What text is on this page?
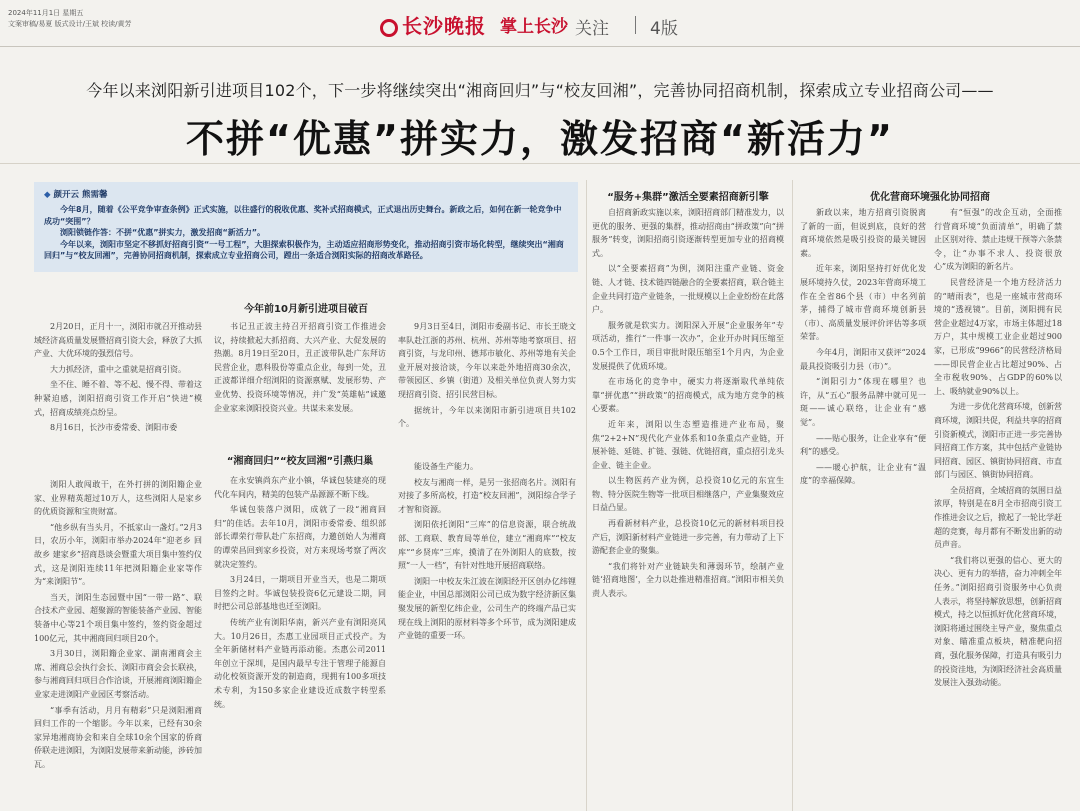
2024年11月1日 星期五
文案审稿/易夏 版式设计/王斌 校读/黄芳	长沙晚报 掌上长沙 关注 4版
今年以来浏阳新引进项目102个，下一步将继续突出“湘商回归”与“校友回湘”，完善协同招商机制，探索成立专业招商公司——
不拼“优惠”拼实力，激发招商“新活力”
◆ 颜开云 熊需馨

今年8月，随着《公平竞争审查条例》正式实施，以往盛行的税收优惠、奖补式招商模式，正式退出历史舞台。新政之后，如何在新一轮竞争中成功“突围”？

浏阳锁链作答：不拼“优惠”拼实力，激发招商“新活力”。

今年以来，浏阳市坚定不移抓好招商引资“一号工程”，大胆探索积极作为，主动适应招商形势变化，推动招商引资市场化转型，继续突出“湘商回归”与“校友回湘”，完善协同招商机制，探索成立专业招商公司，蹚出一条适合浏阳实际的招商改革路径。

今年前10月新引进项目破百

2月20日，正月十一，浏阳市就召开推动县域经济高质量发展暨招商引资大会，释放了大抓产业、大优环境的强烈信号。

大力抓经济，重中之重就是招商引资。

坐不住、睡不着、等不起、慢不得、带着这种紧迫感，浏阳招商引资工作开启“快进”模式，招商成绩亮点纷呈。

8月16日，长沙市委常委、浏阳市委

书记丑正波主持召开招商引资工作推进会议，持续掀起大抓招商、大兴产业、大促发展的热潮。8月19日至20日，丑正波带队赴广东拜访民营企业，惠科股份等重点企业，每到一处，丑正波都详细介绍浏阳的资源禀赋、发展形势、产业优势、投资环境等情况，并广发“英雄帖”诚邀企业家来浏阳投资兴业。共谋未来发展。

9月3日至4日，浏阳市委副书记、市长王晓文率队赴江浙的苏州、杭州、苏州等地考察项目、招商引资，与龙印州、德邦市敏化、苏州等地有关企业开展对接洽谈，今年以来赴外地招商30余次，带领园区、乡镇（街道）及相关单位负责人努力实现招商引资、招引民营目标。

据统计，今年以来浏阳市新引进项目共102个。

“湘商回归”“校友回湘”引燕归巢

浏阳人敢闯敢干，在外打拼的浏阳籍企业家、业界精英超过10万人，这些浏阳人是家乡的优质资源和宝贵财富。

“他乡纵有当头月，不抵家山一盏灯。”2月3日，农历小年，浏阳市举办2024年“迎老乡 回故乡 建家乡”招商恳谈会暨重大项目集中签约仪式，这是浏阳连续11年把浏阳籍企业家等作为“来浏阳节”。

当天，浏阳生态园暨中国“一带一路”、联合技术产业园、超聚源的智能装备产业园、智能装备中心等21个项目集中签约，签约资金超过100亿元，其中湘商回归项目20个。

3月30日，浏阳籍企业家、湖南湘商会主席、湘商总会执行会长、浏阳市商会会长联袂，参与湘商回归项目合作洽谈，开展湘商浏阳籍企业家走进浏阳产业园区考察活动。

“事季有活动，月月有精彩”只是浏阳湘商回归工作的一个缩影。今年以来，已经有30余家异地湘商协会和来自全球10余个国家的侨商侨联走进浏阳，为浏阳发展带来新动能，涉砖加瓦。

在永安镇尚东产业小镇，华诚包装建亮的现代化车间内，精美的包装产品源源不断下线。

华诚包装落户浏阳，成就了一段“湘商回归”的佳话。去年10月，浏阳市委常委、组织部部长谭荣行带队赴广东招商，力邀创始人为湘商的谭荣昌回到家乡投资，对方来现场考察了两次就决定签约。

3月24日，一期项目开业当天，也是二期项目签约之时。华诚包装投资6亿元建设二期，同时把公司总部基地也迁至浏阳。

传统产业有浏阳华南，新兴产业有浏阳亮风大。10月26日，杰惠工业园项目正式投产。为全年新储材料产业链再添动能。杰惠公司2011年创立于深圳，是国内最早专注于管理子能源自动化校领资源开发的制造商，现拥有100多项技术专利，为150多家企业建设近成数字转型系统。

能设备生产能力。

校友与湘商一样，是另一张招商名片。浏阳有对接了多所高校，打造“校友回湘”，浏阳综合学子才智和资源。

浏阳依托浏阳“三库”的信息资源，联合统战部、工商联、教育局等单位，建立“湘商库”“校友库”“乡贤库”三库，摸清了在外浏阳人的底数，按照“一人一档”，有针对性地开展招商联络。

浏阳一中校友朱江波在浏阳经开区创办亿纬锂能企业，中国总部浏阳公司已成为数字经济新区集聚发展的新型亿纬企业，公司生产的终端产品已实现在线上浏阳的原材料等多个环节，成为浏阳建成产业链的重要一环。

“服务+集群”激活全要素招商新引擎

自招商新政实施以来，浏阳招商部门精准发力，以更优的服务、更强的集群，推动招商由“拼政策”向“拼服务”转变，浏阳招商引资逐渐转型更加专业的招商模式。

以“全要素招商”为例，浏阳注重产业链、资金链、人才链、技术链四链融合的全要素招商，联合链主企业共同打造产业链条，一批规模以上企业纷纷在此落户。

服务就是软实力。浏阳深入开展“企业服务年”专项活动，推行“一件事一次办”，企业开办时间压缩至0.5个工作日，项目审批时限压缩至1个月内，为企业发展提供了优质环境。

在市场化的竞争中，硬实力将逐渐取代单纯依靠“拼优惠”“拼政策”的招商模式，成为地方竞争的核心要素。

近年来，浏阳以生态塑造推进产业布局，聚焦“2+2+N”现代化产业体系和10条重点产业链，开展补链、延链、扩链、强链、优链招商，重点招引龙头企业、链主企业。

以生物医药产业为例，总投资10亿元的东宜生物、特分医院生物等一批项目相继落户，产业集聚效应日益凸显。

再看新材料产业，总投资10亿元的新材料项目投产后，浏阳新材料产业链进一步完善，有力带动了上下游配套企业的聚集。

“我们将针对产业链缺失和薄弱环节，绘制产业链‘招商地图’，全力以赴推进精准招商。”浏阳市相关负责人表示。

优化营商环境强化协同招商

新政以来，地方招商引资脱离了新的一面，但说到底，良好的营商环境依然是吸引投资的最关键因素。

近年来，浏阳坚持打好优化发展环境持久仗，2023年营商环境工作在全省86个县（市）中名列前茅，捕得了城市营商环境创新县（市）、高质量发展评价评估等多项荣誉。

今年4月，浏阳市又获评“2024最具投资吸引力县（市）”。

“浏阳引力”体现在哪里？也许，从“五心”服务品牌中就可见一斑——诚心联络，让企业有“感觉”。

——贴心服务，让企业享有“便利”的感受。

——暖心护航，让企业有“温度”的幸福保障。

有“恒强”的改企互动，全面推行营商环境“负面清单”，明确了禁止区别对待、禁止违规干预等六条禁令，让“办事不求人、投资很放心”成为浏阳的新名片。

民营经济是一个地方经济活力的“晴雨表”，也是一座城市营商环境的“透视镜”。目前，浏阳拥有民营企业超过4万家，市场主体超过18万户，其中规模工业企业超过900家，已形成“9966”的民营经济格局——即民营企业占比超过90%、占全市税收90%、占GDP的60%以上、吸纳就业90%以上。

为进一步优化营商环境，创新营商环境，浏阳共促，利益共享的招商引资新模式，浏阳市正进一步完善协同招商工作方案，其中包括产业链协同招商、园区、镇街协同招商、市直部门与园区、镇街协同招商。

全员招商，全域招商的氛围日益浓厚，特别是在8月全市招商引资工作推进会议之后，掀起了一轮比学赶超的竞赛，每月都有不断发出新的动员声音。

“我们将以更强的信心、更大的决心、更有力的举措，奋力冲刺全年任务。”浏阳招商引资服务中心负责人表示，将坚持解放思想，创新招商模式，持之以恒抓好优化营商环境，浏阳将通过围绕主导产业，聚焦重点对象、瞄准重点板块，精准靶向招商，强化服务保障，打造具有吸引力的投资洼地，为浏阳经济社会高质量发展注入强劲动能。
